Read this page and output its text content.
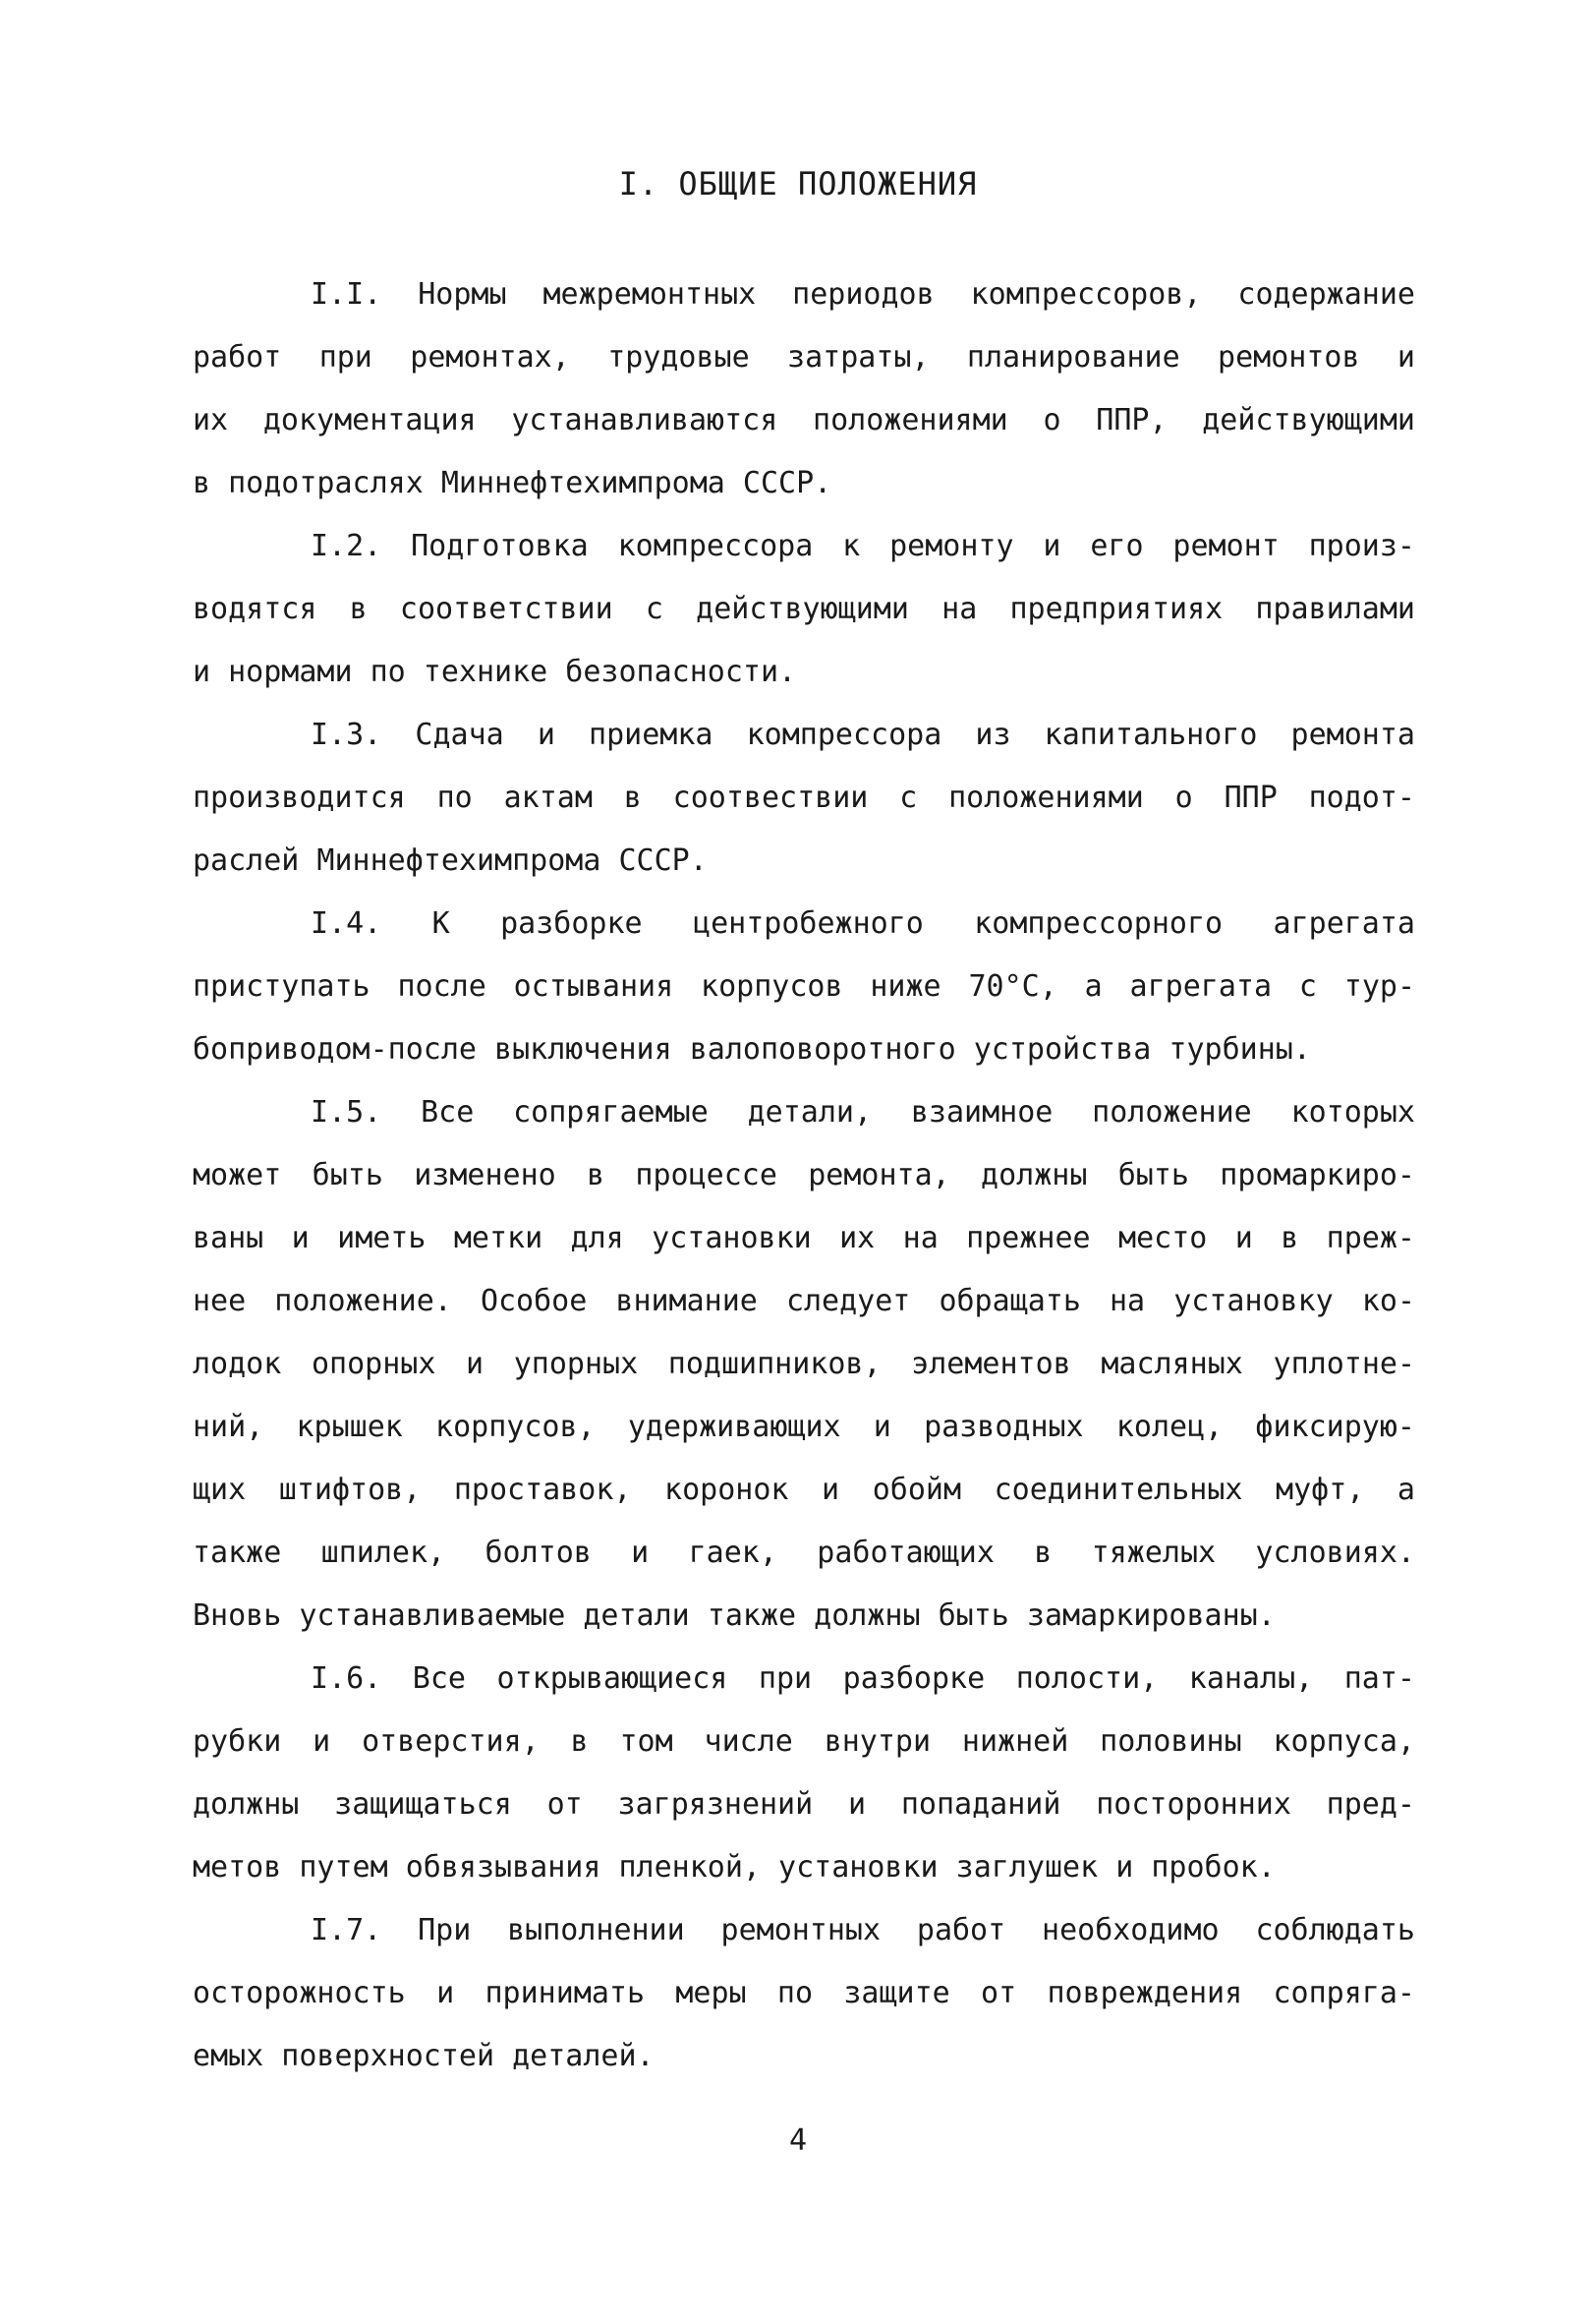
I. ОБЩИЕ ПОЛОЖЕНИЯ
I.I. Нормы межремонтных периодов компрессоров, содержание
работ при ремонтах, трудовые затраты, планирование ремонтов и
их документация устанавливаются положениями о ППР, действующими
в подотраслях Миннефтехимпрома СССР.
I.2. Подготовка компрессора к ремонту и его ремонт произ-
водятся в соответствии с действующими на предприятиях правилами
и нормами по технике безопасности.
I.3. Сдача и приемка компрессора из капитального ремонта
производится по актам в соотвествии с положениями о ППР подот-
раслей Миннефтехимпрома СССР.
I.4. К разборке центробежного компрессорного агрегата
приступать после остывания корпусов ниже 70°С, а агрегата с тур-
боприводом-после выключения валоповоротного устройства турбины.
I.5. Все сопрягаемые детали, взаимное положение которых
может быть изменено в процессе ремонта, должны быть промаркиро-
ваны и иметь метки для установки их на прежнее место и в преж-
нее положение. Особое внимание следует обращать на установку ко-
лодок опорных и упорных подшипников, элементов масляных уплотне-
ний, крышек корпусов, удерживающих и разводных колец, фиксирую-
щих штифтов, проставок, коронок и обойм соединительных муфт, а
также шпилек, болтов и гаек, работающих в тяжелых условиях.
Вновь устанавливаемые детали также должны быть замаркированы.
I.6. Все открывающиеся при разборке полости, каналы, пат-
рубки и отверстия, в том числе внутри нижней половины корпуса,
должны защищаться от загрязнений и попаданий посторонних пред-
метов путем обвязывания пленкой, установки заглушек и пробок.
I.7. При выполнении ремонтных работ необходимо соблюдать
осторожность и принимать меры по защите от повреждения сопряга-
емых поверхностей деталей.
4
